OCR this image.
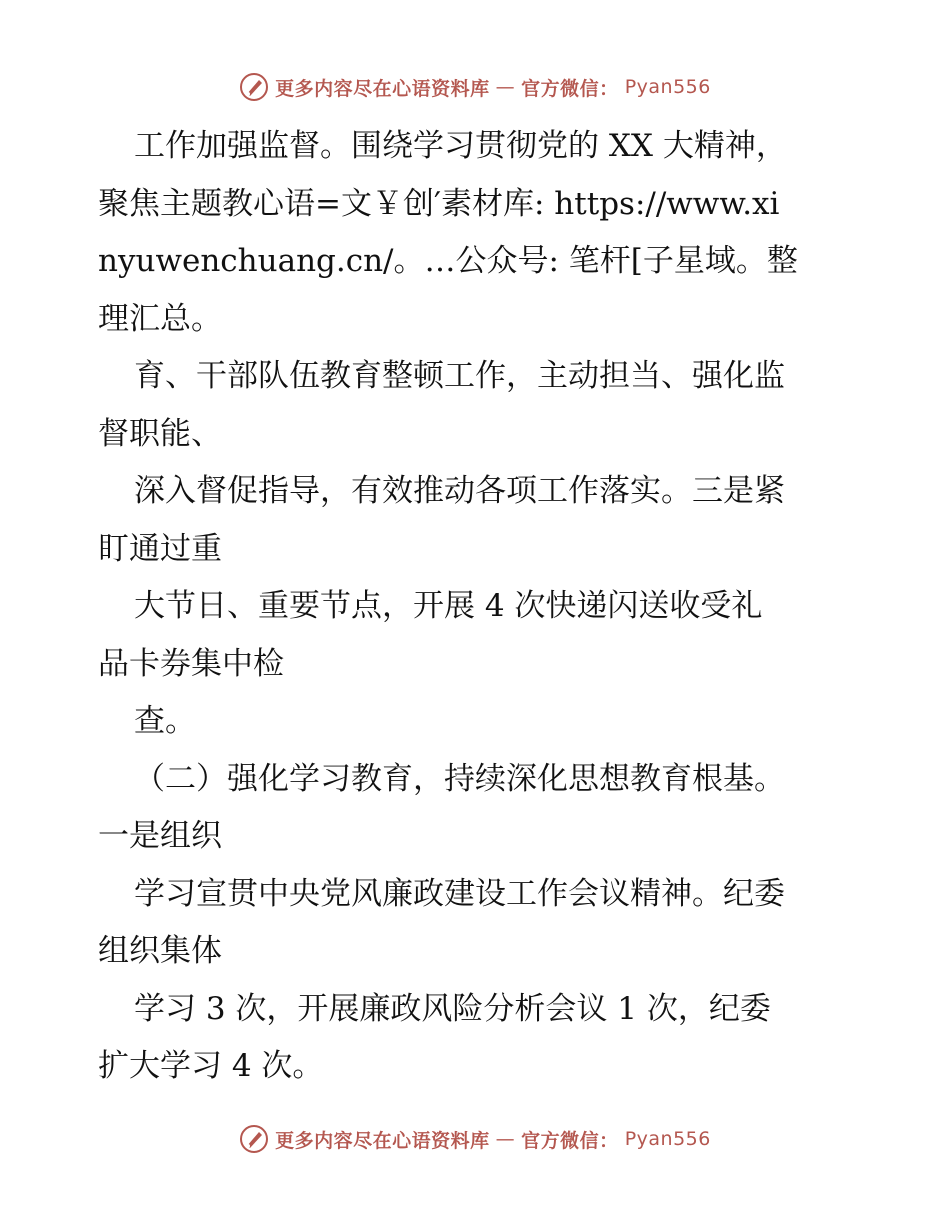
更多内容尽在心语资料库 — 官方微信： Pyan556

工作加强监督。围绕学习贯彻党的 XX 大精神，

聚焦主题教心语=文￥创′素材库: https://www.xi

nyuwenchuang.cn/。…公众号: 笔杆[子星域。整

理汇总。

育、干部队伍教育整顿工作，主动担当、强化监

督职能、

深入督促指导，有效推动各项工作落实。三是紧

盯通过重

大节日、重要节点，开展 4 次快递闪送收受礼

品卡券集中检

查。

（二）强化学习教育，持续深化思想教育根基。

一是组织

学习宣贯中央党风廉政建设工作会议精神。纪委

组织集体

学习 3 次，开展廉政风险分析会议 1 次，纪委

扩大学习 4 次。

更多内容尽在心语资料库 — 官方微信： Pyan556
